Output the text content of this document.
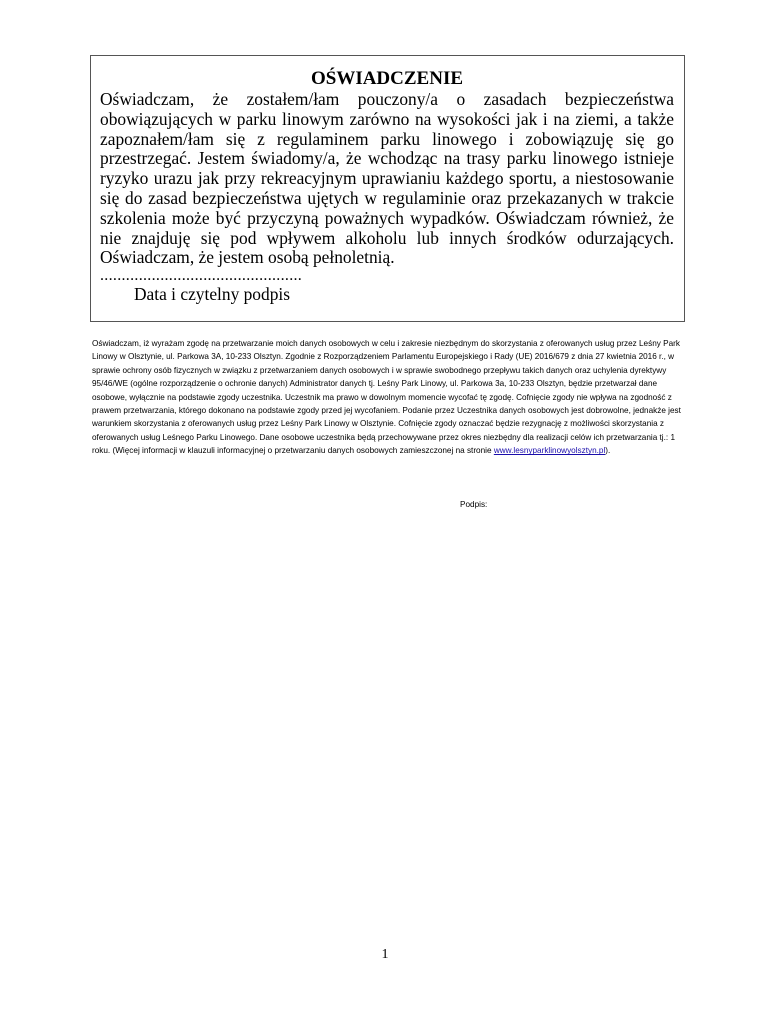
OŚWIADCZENIE

Oświadczam, że zostałem/łam pouczony/a o zasadach bezpieczeństwa obowiązujących w parku linowym zarówno na wysokości jak i na ziemi, a także zapoznałem/łam się z regulaminem parku linowego i zobowiązuję się go przestrzegać. Jestem świadomy/a, że wchodząc na trasy parku linowego istnieje ryzyko urazu jak przy rekreacyjnym uprawianiu każdego sportu, a niestosowanie się do zasad bezpieczeństwa ujętych w regulaminie oraz przekazanych w trakcie szkolenia może być przyczyną poważnych wypadków. Oświadczam również, że nie znajduję się pod wpływem alkoholu lub innych środków odurzających. Oświadczam, że jestem osobą pełnoletnią.

...............................................

Data i czytelny podpis

Oświadczam, iż wyrażam zgodę na przetwarzanie moich danych osobowych w celu i zakresie niezbędnym do skorzystania z oferowanych usług przez Leśny Park Linowy w Olsztynie, ul. Parkowa 3A, 10-233 Olsztyn. Zgodnie z Rozporządzeniem Parlamentu Europejskiego i Rady (UE) 2016/679 z dnia 27 kwietnia 2016 r., w sprawie ochrony osób fizycznych w związku z przetwarzaniem danych osobowych i w sprawie swobodnego przepływu takich danych oraz uchylenia dyrektywy 95/46/WE (ogólne rozporządzenie o ochronie danych) Administrator danych tj. Leśny Park Linowy, ul. Parkowa 3a, 10-233 Olsztyn, będzie przetwarzał dane osobowe, wyłącznie na podstawie zgody uczestnika. Uczestnik ma prawo w dowolnym momencie wycofać tę zgodę. Cofnięcie zgody nie wpływa na zgodność z prawem przetwarzania, którego dokonano na podstawie zgody przed jej wycofaniem. Podanie przez Uczestnika danych osobowych jest dobrowolne, jednakże jest warunkiem skorzystania z oferowanych usług przez Leśny Park Linowy w Olsztynie. Cofnięcie zgody oznaczać będzie rezygnację z możliwości skorzystania z oferowanych usług Leśnego Parku Linowego. Dane osobowe uczestnika będą przechowywane przez okres niezbędny dla realizacji celów ich przetwarzania tj.: 1 roku. (Więcej informacji w klauzuli informacyjnej o przetwarzaniu danych osobowych zamieszczonej na stronie www.lesnyparklinowyolsztyn.pl).

Podpis:

1
